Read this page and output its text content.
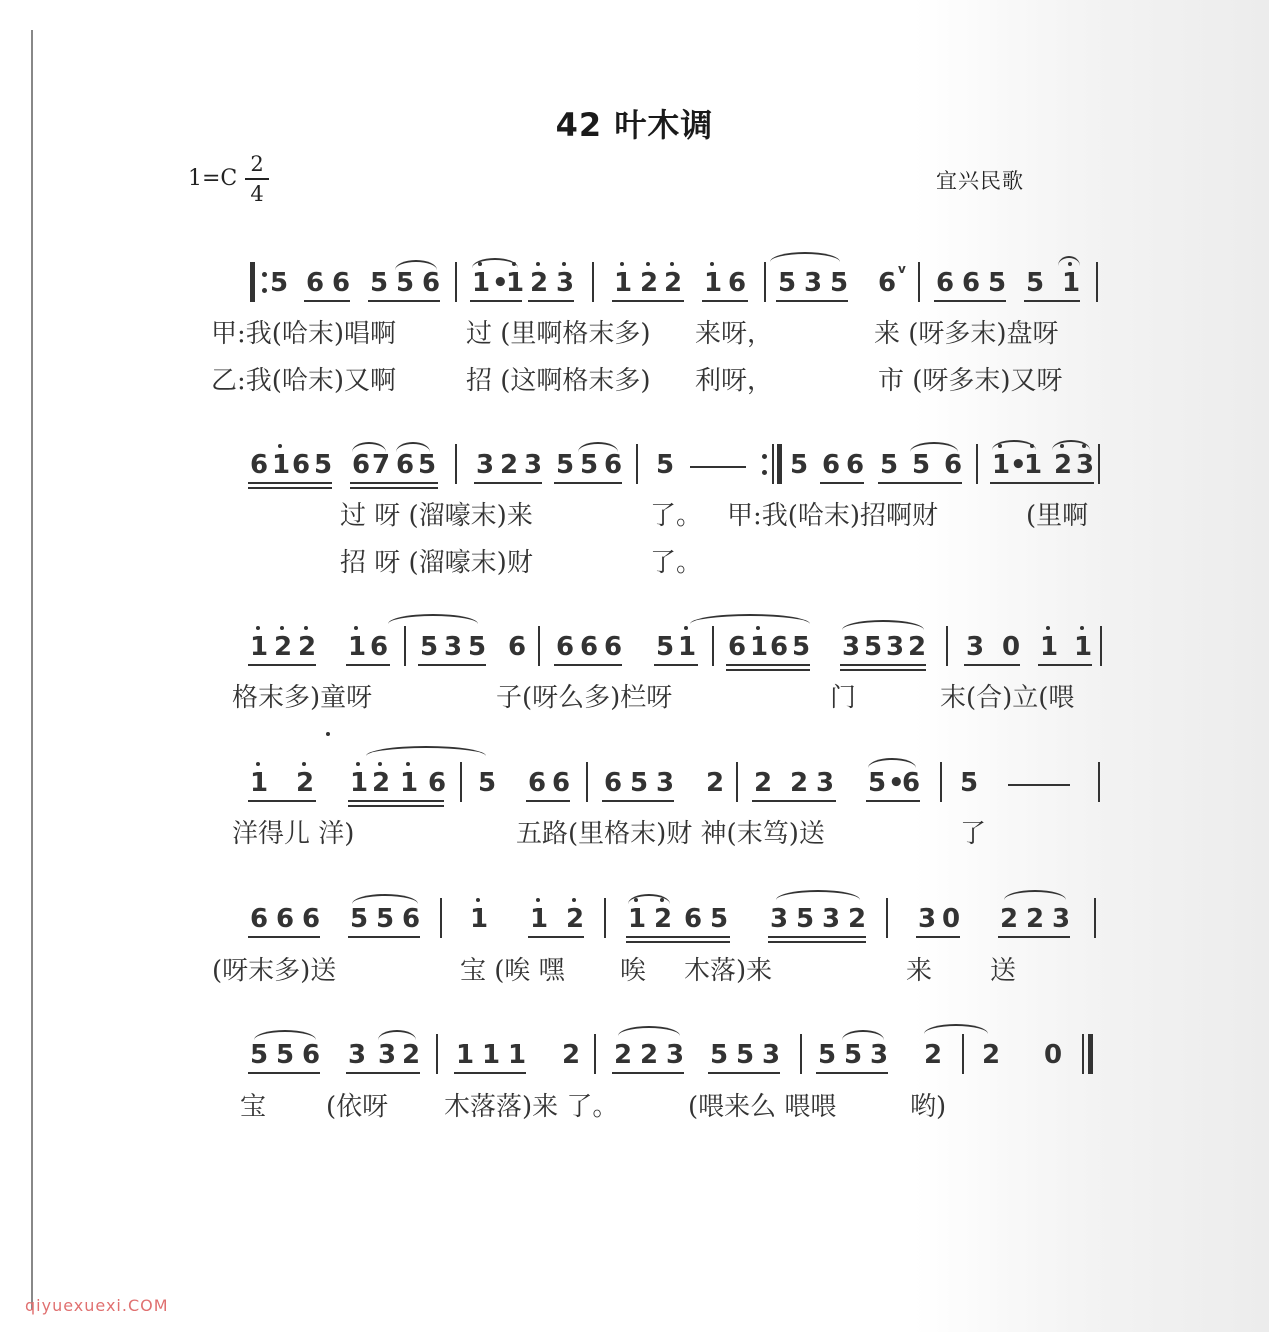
42 叶木调
1=C
2
4
宜兴民歌
5 6 6 5 5 6 1 •
1 2 3 1 2 2 1 6 5 3 5 6 v 6 6 5 5 1
甲:我(哈末)唱啊	过 (里啊格末多) 来呀，	来 (呀多末)盘呀
乙:我(哈末)又啊	招 (这啊格末多) 利呀，	市 (呀多末)又呀
6 1 6 5 6 7 6 5 3 2 3 5 5 6 5	5 6 6 5 5 6 1 •
1 2 3
过 呀 (溜嚎末)来	了。 甲:我(哈末)招啊财	(里啊
招 呀 (溜嚎末)财	了。
1 2 2 1 6 5 3 5 6 6 6 6 5 1 6 1 6 5 3 5 3 2 3 0 1 1
格末多)童呀	子(呀么多)栏呀	门	末(合)立(喂
1 2 1 2 1 6 5 6 6 6 5 3 2 2 2 3 5 •
6 5
洋得儿 洋)	五路(里格末)财 神(末笃)送	了
6 6 6 5 5 6 1 1 2 1 2 6 5 3 5 3 2 3 0 2 2 3
(呀末多)送	宝 (唉 嘿 唉 木落)来	来 送
5 5 6 3 3 2 1 1 1 2 2 2 3 5 5 3 5 5 3 2 2 0
宝 (依呀 木落落)来 了。	(喂来么 喂喂	哟)
qiyuexuexi.COM
